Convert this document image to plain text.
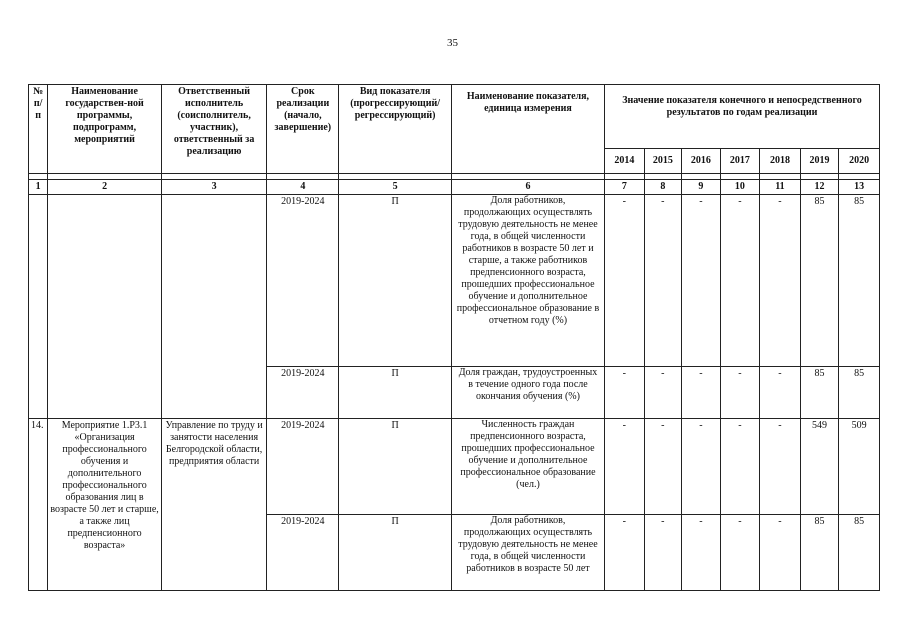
35
№ п/п	Наименование государствен-ной программы, подпрограмм, мероприятий	Ответственный исполнитель (соисполнитель, участник), ответственный за реализацию	Срок реализации (начало, завершение)	Вид показателя (прогрессирующий/ регрессирующий)	Наименование показателя, единица измерения	Значение показателя конечного и непосредственного результатов по годам реализации						
						2014	2015	2016	2017	2018	2019	2020

1	2	3	4	5	6	7	8	9	10	11	12	13
			2019-2024	П	Доля работников, продолжающих осуществлять трудовую деятельность не менее года, в общей численности работников в возрасте 50 лет и старше, а также работников предпенсионного возраста, прошедших профессиональное обучение и дополнительное профессиональное образование в отчетном году (%)	-	-	-	-	-	85	85
			2019-2024	П	Доля граждан, трудоустроенных в течение одного года после окончания обучения (%)	-	-	-	-	-	85	85
14.	Мероприятие 1.Р3.1 «Организация профессионального обучения и дополнительного профессионального образования лиц в возрасте 50 лет и старше, а также лиц предпенсионного возраста»	Управление по труду и занятости населения Белгородской области, предприятия области	2019-2024	П	Численность граждан предпенсионного возраста, прошедших профессиональное обучение и дополнительное профессиональное образование (чел.)	-	-	-	-	-	549	509
			2019-2024	П	Доля работников, продолжающих осуществлять трудовую деятельность не менее года, в общей численности работников в возрасте 50 лет	-	-	-	-	-	85	85
